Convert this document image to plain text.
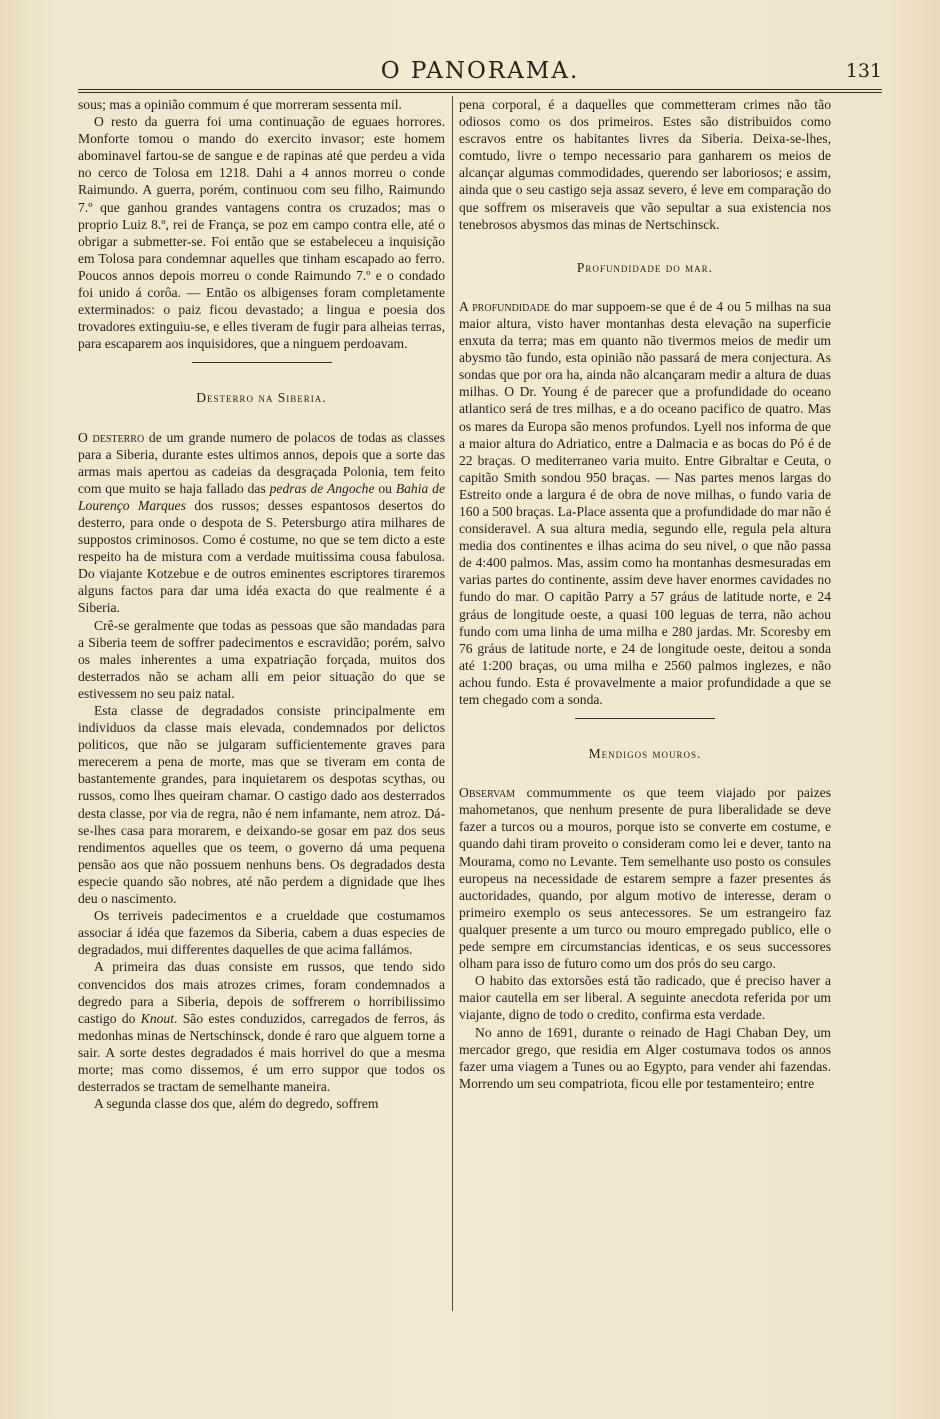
O PANORAMA.	131

sous; mas a opinião commum é que morreram sessenta mil.

O resto da guerra foi uma continuação de eguaes horrores. Monforte tomou o mando do exercito invasor; este homem abominavel fartou-se de sangue e de rapinas até que perdeu a vida no cerco de Tolosa em 1218. Dahi a 4 annos morreu o conde Raimundo. A guerra, porém, continuou com seu filho, Raimundo 7.º que ganhou grandes vantagens contra os cruzados; mas o proprio Luiz 8.º, rei de França, se poz em campo contra elle, até o obrigar a submetter-se. Foi então que se estabeleceu a inquisição em Tolosa para condemnar aquelles que tinham escapado ao ferro. Poucos annos depois morreu o conde Raimundo 7.º e o condado foi unido á corôa. — Então os albigenses foram completamente exterminados: o paiz ficou devastado; a lingua e poesia dos trovadores extinguiu-se, e elles tiveram de fugir para alheias terras, para escaparem aos inquisidores, que a ninguem perdoavam.

Desterro na Siberia.

O desterro de um grande numero de polacos de todas as classes para a Siberia, durante estes ultimos annos, depois que a sorte das armas mais apertou as cadeias da desgraçada Polonia, tem feito com que muito se haja fallado das pedras de Angoche ou Bahia de Lourenço Marques dos russos; desses espantosos desertos do desterro, para onde o despota de S. Petersburgo atira milhares de suppostos criminosos. Como é costume, no que se tem dicto a este respeito ha de mistura com a verdade muitissima cousa fabulosa. Do viajante Kotzebue e de outros eminentes escriptores tiraremos alguns factos para dar uma idéa exacta do que realmente é a Siberia.

Crê-se geralmente que todas as pessoas que são mandadas para a Siberia teem de soffrer padecimentos e escravidão; porém, salvo os males inherentes a uma expatriação forçada, muitos dos desterrados não se acham alli em peior situação do que se estivessem no seu paiz natal.

Esta classe de degradados consiste principalmente em individuos da classe mais elevada, condemnados por delictos politicos, que não se julgaram sufficientemente graves para merecerem a pena de morte, mas que se tiveram em conta de bastantemente grandes, para inquietarem os despotas scythas, ou russos, como lhes queiram chamar. O castigo dado aos desterrados desta classe, por via de regra, não é nem infamante, nem atroz. Dá-se-lhes casa para morarem, e deixando-se gosar em paz dos seus rendimentos aquelles que os teem, o governo dá uma pequena pensão aos que não possuem nenhuns bens. Os degradados desta especie quando são nobres, até não perdem a dignidade que lhes deu o nascimento.

Os terriveis padecimentos e a crueldade que costumamos associar á idéa que fazemos da Siberia, cabem a duas especies de degradados, mui differentes daquelles de que acima fallámos.

A primeira das duas consiste em russos, que tendo sido convencidos dos mais atrozes crimes, foram condemnados a degredo para a Siberia, depois de soffrerem o horribilissimo castigo do Knout. São estes conduzidos, carregados de ferros, ás medonhas minas de Nertschinsck, donde é raro que alguem torne a sair. A sorte destes degradados é mais horrivel do que a mesma morte; mas como dissemos, é um erro suppor que todos os desterrados se tractam de semelhante maneira.

A segunda classe dos que, além do degredo, soffrem

pena corporal, é a daquelles que commetteram crimes não tão odiosos como os dos primeiros. Estes são distribuidos como escravos entre os habitantes livres da Siberia. Deixa-se-lhes, comtudo, livre o tempo necessario para ganharem os meios de alcançar algumas commodidades, querendo ser laboriosos; e assim, ainda que o seu castigo seja assaz severo, é leve em comparação do que soffrem os miseraveis que vão sepultar a sua existencia nos tenebrosos abysmos das minas de Nertschinsck.

Profundidade do mar.

A profundidade do mar suppoem-se que é de 4 ou 5 milhas na sua maior altura, visto haver montanhas desta elevação na superficie enxuta da terra; mas em quanto não tivermos meios de medir um abysmo tão fundo, esta opinião não passará de mera conjectura. As sondas que por ora ha, ainda não alcançaram medir a altura de duas milhas. O Dr. Young é de parecer que a profundidade do oceano atlantico será de tres milhas, e a do oceano pacifico de quatro. Mas os mares da Europa são menos profundos. Lyell nos informa de que a maior altura do Adriatico, entre a Dalmacia e as bocas do Pó é de 22 braças. O mediterraneo varia muito. Entre Gibraltar e Ceuta, o capitão Smith sondou 950 braças. — Nas partes menos largas do Estreito onde a largura é de obra de nove milhas, o fundo varia de 160 a 500 braças. La-Place assenta que a profundidade do mar não é consideravel. A sua altura media, segundo elle, regula pela altura media dos continentes e ilhas acima do seu nivel, o que não passa de 4:400 palmos. Mas, assim como ha montanhas desmesuradas em varias partes do continente, assim deve haver enormes cavidades no fundo do mar. O capitão Parry a 57 gráus de latitude norte, e 24 gráus de longitude oeste, a quasi 100 leguas de terra, não achou fundo com uma linha de uma milha e 280 jardas. Mr. Scoresby em 76 gráus de latitude norte, e 24 de longitude oeste, deitou a sonda até 1:200 braças, ou uma milha e 2560 palmos inglezes, e não achou fundo. Esta é provavelmente a maior profundidade a que se tem chegado com a sonda.

Mendigos mouros.

Observam commummente os que teem viajado por paizes mahometanos, que nenhum presente de pura liberalidade se deve fazer a turcos ou a mouros, porque isto se converte em costume, e quando dahi tiram proveito o consideram como lei e dever, tanto na Mourama, como no Levante. Tem semelhante uso posto os consules europeus na necessidade de estarem sempre a fazer presentes ás auctoridades, quando, por algum motivo de interesse, deram o primeiro exemplo os seus antecessores. Se um estrangeiro faz qualquer presente a um turco ou mouro empregado publico, elle o pede sempre em circumstancias identicas, e os seus successores olham para isso de futuro como um dos prós do seu cargo.

O habito das extorsões está tão radicado, que é preciso haver a maior cautella em ser liberal. A seguinte anecdota referida por um viajante, digno de todo o credito, confirma esta verdade.

No anno de 1691, durante o reinado de Hagi Chaban Dey, um mercador grego, que residia em Alger costumava todos os annos fazer uma viagem a Tunes ou ao Egypto, para vender ahi fazendas. Morrendo um seu compatriota, ficou elle por testamenteiro; entre
